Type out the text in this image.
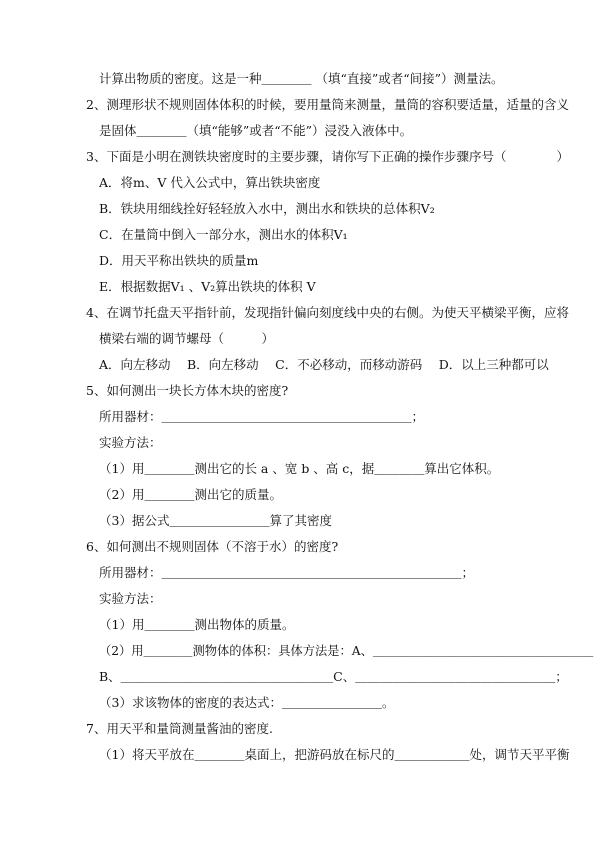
计算出物质的密度。这是一种＿＿＿＿ （填“直接”或者“间接”）测量法。
2、测理形状不规则固体体积的时候，要用量筒来测量，量筒的容积要适量，适量的含义
是固体＿＿＿＿（填“能够”或者“不能”）浸没入液体中。
3、下面是小明在测铁块密度时的主要步骤，请你写下正确的操作步骤序号（　　　　）
A．将m、V 代入公式中，算出铁块密度
B．铁块用细线拴好轻轻放入水中，测出水和铁块的总体积V₂
C．在量筒中倒入一部分水，测出水的体积V₁
D．用天平称出铁块的质量m
E．根据数据V₁ 、V₂算出铁块的体积 V
4、在调节托盘天平指针前，发现指针偏向刻度线中央的右侧。为使天平横梁平衡，应将
横梁右端的调节螺母（　　　）
A．向左移动　 B．向左移动　 C．不必移动，而移动游码　 D．以上三种都可以
5、如何测出一块长方体木块的密度?
所用器材：＿＿＿＿＿＿＿＿＿＿＿＿＿＿＿＿＿＿＿＿；
实验方法：
（1）用＿＿＿＿测出它的长 a 、宽 b 、高 c，据＿＿＿＿算出它体积。
（2）用＿＿＿＿测出它的质量。
（3）据公式＿＿＿＿＿＿＿＿算了其密度
6、如何测出不规则固体（不溶于水）的密度?
所用器材：＿＿＿＿＿＿＿＿＿＿＿＿＿＿＿＿＿＿＿＿＿＿＿＿；
实验方法：
（1）用＿＿＿＿测出物体的质量。
（2）用＿＿＿＿测物体的体积：具体方法是：A、＿＿＿＿＿＿＿＿＿＿＿＿＿＿＿＿＿＿
B、＿＿＿＿＿＿＿＿＿＿＿＿＿＿＿＿＿C、＿＿＿＿＿＿＿＿＿＿＿＿＿＿＿＿；
（3）求该物体的密度的表达式：＿＿＿＿＿＿＿＿。
7、用天平和量筒测量酱油的密度.
（1）将天平放在＿＿＿＿桌面上，把游码放在标尺的＿＿＿＿＿＿处，调节天平平衡
